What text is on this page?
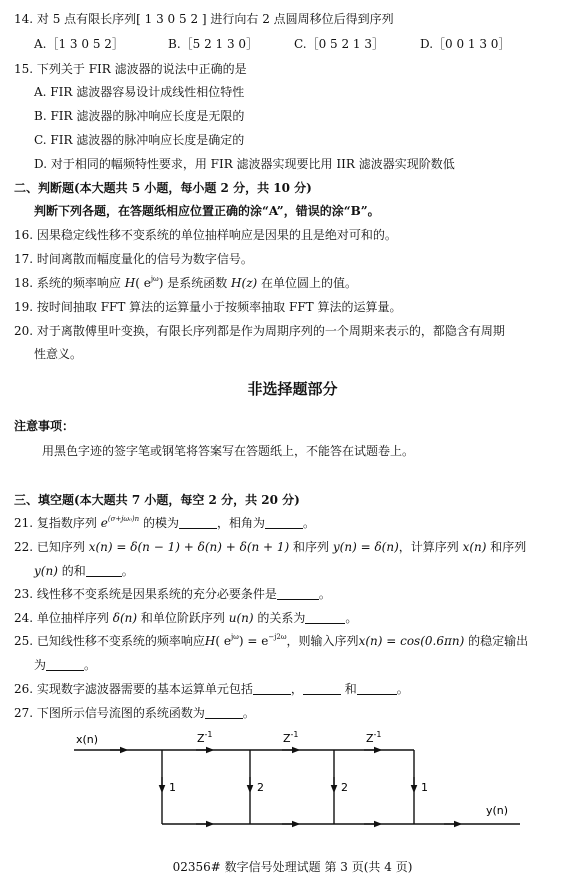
14. 对 5 点有限长序列[ 1 3 0 5 2 ] 进行向右 2 点圆周移位后得到序列
A.［1 3 0 5 2］	B.［5 2 1 3 0］	C.［0 5 2 1 3］	D.［0 0 1 3 0］
15. 下列关于 FIR 滤波器的说法中正确的是
A. FIR 滤波器容易设计成线性相位特性
B. FIR 滤波器的脉冲响应长度是无限的
C. FIR 滤波器的脉冲响应长度是确定的
D. 对于相同的幅频特性要求，用 FIR 滤波器实现要比用 IIR 滤波器实现阶数低
二、判断题(本大题共 5 小题，每小题 2 分，共 10 分)
判断下列各题，在答题纸相应位置正确的涂“A”，错误的涂“B”。
16. 因果稳定线性移不变系统的单位抽样响应是因果的且是绝对可和的。
17. 时间离散而幅度量化的信号为数字信号。
18. 系统的频率响应 H( $e^{j\omega}$) 是系统函数 H(z) 在单位圆上的值。
19. 按时间抽取 FFT 算法的运算量小于按频率抽取 FFT 算法的运算量。
20. 对于离散傅里叶变换，有限长序列都是作为周期序列的一个周期来表示的，都隐含有周期
性意义。
非选择题部分
注意事项：
用黑色字迹的签字笔或钢笔将答案写在答题纸上，不能答在试题卷上。
三、填空题(本大题共 7 小题，每空 2 分，共 20 分)
21. 复指数序列 $e^{(\sigma+j\omega_0)n}$ 的模为	，相角为	。
22. 已知序列 x(n) = δ(n − 1) + δ(n) + δ(n + 1) 和序列 y(n) = δ(n)，计算序列 x(n) 和序列
y(n) 的和	。
23. 线性移不变系统是因果系统的充分必要条件是	。
24. 单位抽样序列 δ(n) 和单位阶跃序列 u(n) 的关系为	。
25. 已知线性移不变系统的频率响应H( $e^{j\omega}) = e^{-j2\omega}$，则输入序列x(n) = cos(0.6πn) 的稳定输出
为	。
26. 实现数字滤波器需要的基本运算单元包括	，	和	。
27. 下图所示信号流图的系统函数为	。
x(n)
y(n)
$Z^{-1}$	$Z^{-1}$	$Z^{-1}$
1	2	2	1
02356# 数字信号处理试题 第 3 页(共 4 页)
